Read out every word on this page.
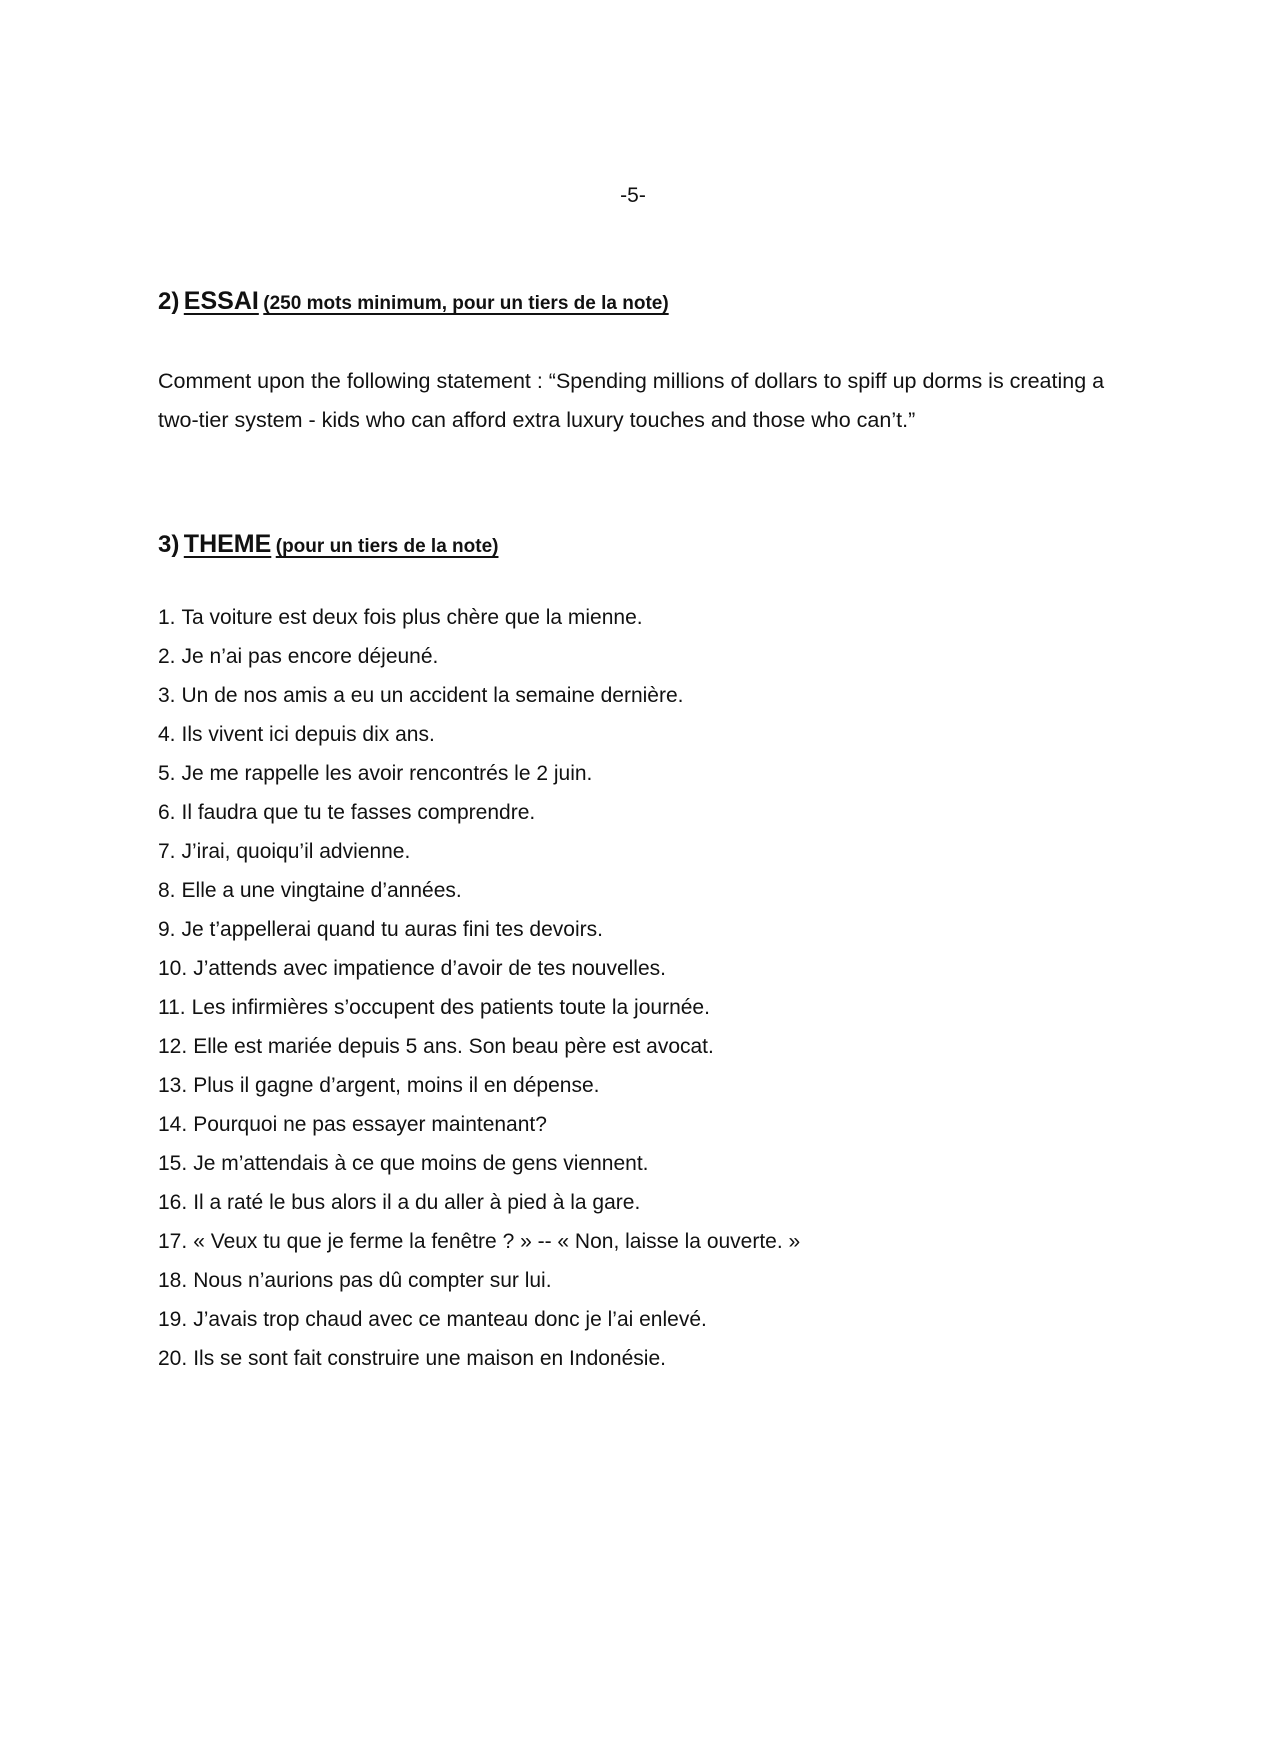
-5-
2) ESSAI (250 mots minimum, pour un tiers de la note)

Comment upon the following statement : “Spending millions of dollars to spiff up dorms is creating a two-tier system - kids who can afford extra luxury touches and those who can’t.”

3) THEME (pour un tiers de la note)
1. Ta voiture est deux fois plus chère que la mienne.
2. Je n’ai pas encore déjeuné.
3. Un de nos amis a eu un accident la semaine dernière.
4. Ils vivent ici depuis dix ans.
5. Je me rappelle les avoir rencontrés le 2 juin.
6. Il faudra que tu te fasses comprendre.
7. J’irai, quoiqu’il advienne.
8. Elle a une vingtaine d’années.
9. Je t’appellerai quand tu auras fini tes devoirs.
10. J’attends avec impatience d’avoir de tes nouvelles.
11. Les infirmières s’occupent des patients toute la journée.
12. Elle est mariée depuis 5 ans. Son beau père est avocat.
13. Plus il gagne d’argent, moins il en dépense.
14. Pourquoi ne pas essayer maintenant?
15. Je m’attendais à ce que moins de gens viennent.
16. Il a raté le bus alors il a du aller à pied à la gare.
17. « Veux tu que je ferme la fenêtre ? » -- « Non, laisse la ouverte. »
18. Nous n’aurions pas dû compter sur lui.
19. J’avais trop chaud avec ce manteau donc je l’ai enlevé.
20. Ils se sont fait construire une maison en Indonésie.
